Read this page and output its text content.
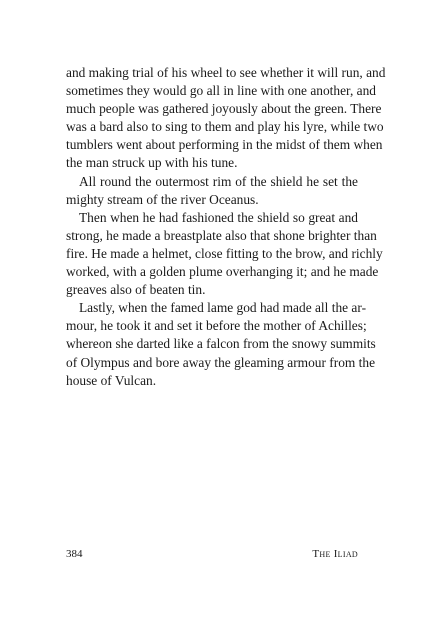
and making trial of his wheel to see whether it will run, and
sometimes they would go all in line with one another, and
much people was gathered joyously about the green. There
was a bard also to sing to them and play his lyre, while two
tumblers went about performing in the midst of them when
the man struck up with his tune.
All round the outermost rim of the shield he set the
mighty stream of the river Oceanus.
Then when he had fashioned the shield so great and
strong, he made a breastplate also that shone brighter than
fire. He made a helmet, close fitting to the brow, and richly
worked, with a golden plume overhanging it; and he made
greaves also of beaten tin.
Lastly, when the famed lame god had made all the ar-
mour, he took it and set it before the mother of Achilles;
whereon she darted like a falcon from the snowy summits
of Olympus and bore away the gleaming armour from the
house of Vulcan.
384	The Iliad
